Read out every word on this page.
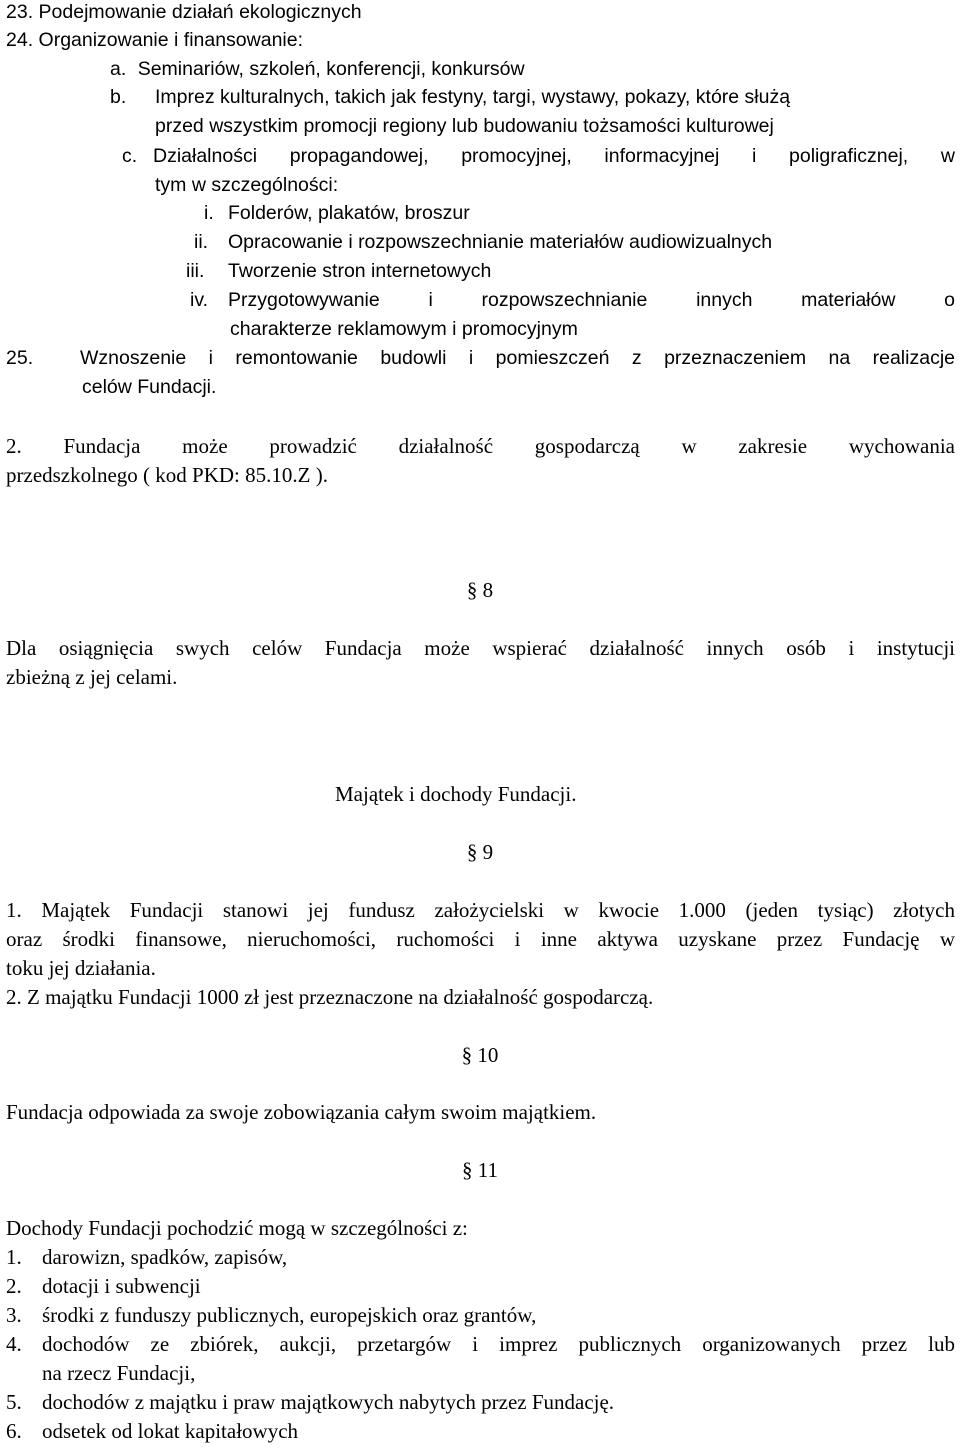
23. Podejmowanie działań ekologicznych
24. Organizowanie i finansowanie:
a. Seminariów, szkoleń, konferencji, konkursów
b. Imprez kulturalnych, takich jak festyny, targi, wystawy, pokazy, które służą
przed wszystkim promocji regiony lub budowaniu tożsamości kulturowej
c. Działalności propagandowej, promocyjnej, informacyjnej i poligraficznej, w
tym w szczególności:
i. Folderów, plakatów, broszur
ii. Opracowanie i rozpowszechnianie materiałów audiowizualnych
iii. Tworzenie stron internetowych
iv. Przygotowywanie i rozpowszechnianie innych materiałów o
charakterze reklamowym i promocyjnym
25. Wznoszenie i remontowanie budowli i pomieszczeń z przeznaczeniem na realizacje
celów Fundacji.
2. Fundacja może prowadzić działalność gospodarczą w zakresie wychowania
przedszkolnego ( kod PKD: 85.10.Z ).
§ 8
Dla osiągnięcia swych celów Fundacja może wspierać działalność innych osób i instytucji
zbieżną z jej celami.
Majątek i dochody Fundacji.
§ 9
1. Majątek Fundacji stanowi jej fundusz założycielski w kwocie 1.000 (jeden tysiąc) złotych
oraz środki finansowe, nieruchomości, ruchomości i inne aktywa uzyskane przez Fundację w
toku jej działania.
2. Z majątku Fundacji 1000 zł jest przeznaczone na działalność gospodarczą.
§ 10
Fundacja odpowiada za swoje zobowiązania całym swoim majątkiem.
§ 11
Dochody Fundacji pochodzić mogą w szczególności z:
1. darowizn, spadków, zapisów,
2. dotacji i subwencji
3. środki z funduszy publicznych, europejskich oraz grantów,
4. dochodów ze zbiórek, aukcji, przetargów i imprez publicznych organizowanych przez lub
na rzecz Fundacji,
5. dochodów z majątku i praw majątkowych nabytych przez Fundację.
6. odsetek od lokat kapitałowych
